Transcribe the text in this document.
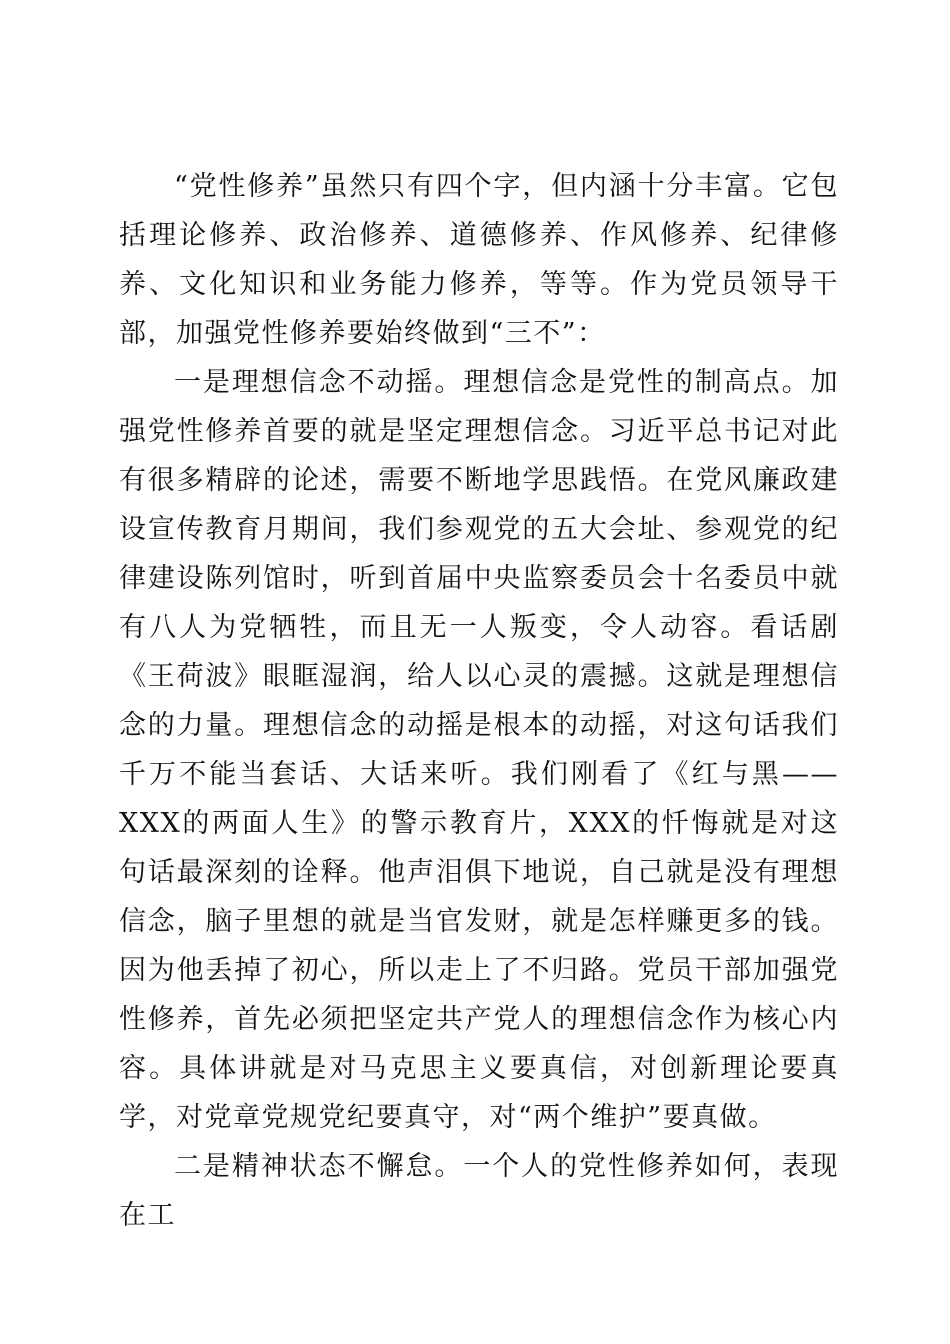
“党性修养”虽然只有四个字，但内涵十分丰富。它包括理论修养、政治修养、道德修养、作风修养、纪律修养、文化知识和业务能力修养，等等。作为党员领导干部，加强党性修养要始终做到“三不”：

一是理想信念不动摇。理想信念是党性的制高点。加强党性修养首要的就是坚定理想信念。习近平总书记对此有很多精辟的论述，需要不断地学思践悟。在党风廉政建设宣传教育月期间，我们参观党的五大会址、参观党的纪律建设陈列馆时，听到首届中央监察委员会十名委员中就有八人为党牺牲，而且无一人叛变，令人动容。看话剧《王荷波》眼眶湿润，给人以心灵的震撼。这就是理想信念的力量。理想信念的动摇是根本的动摇，对这句话我们千万不能当套话、大话来听。我们刚看了《红与黑——XXX的两面人生》的警示教育片，XXX的忏悔就是对这句话最深刻的诠释。他声泪俱下地说，自己就是没有理想信念，脑子里想的就是当官发财，就是怎样赚更多的钱。因为他丢掉了初心，所以走上了不归路。党员干部加强党性修养，首先必须把坚定共产党人的理想信念作为核心内容。具体讲就是对马克思主义要真信，对创新理论要真学，对党章党规党纪要真守，对“两个维护”要真做。

二是精神状态不懈怠。一个人的党性修养如何，表现在工
